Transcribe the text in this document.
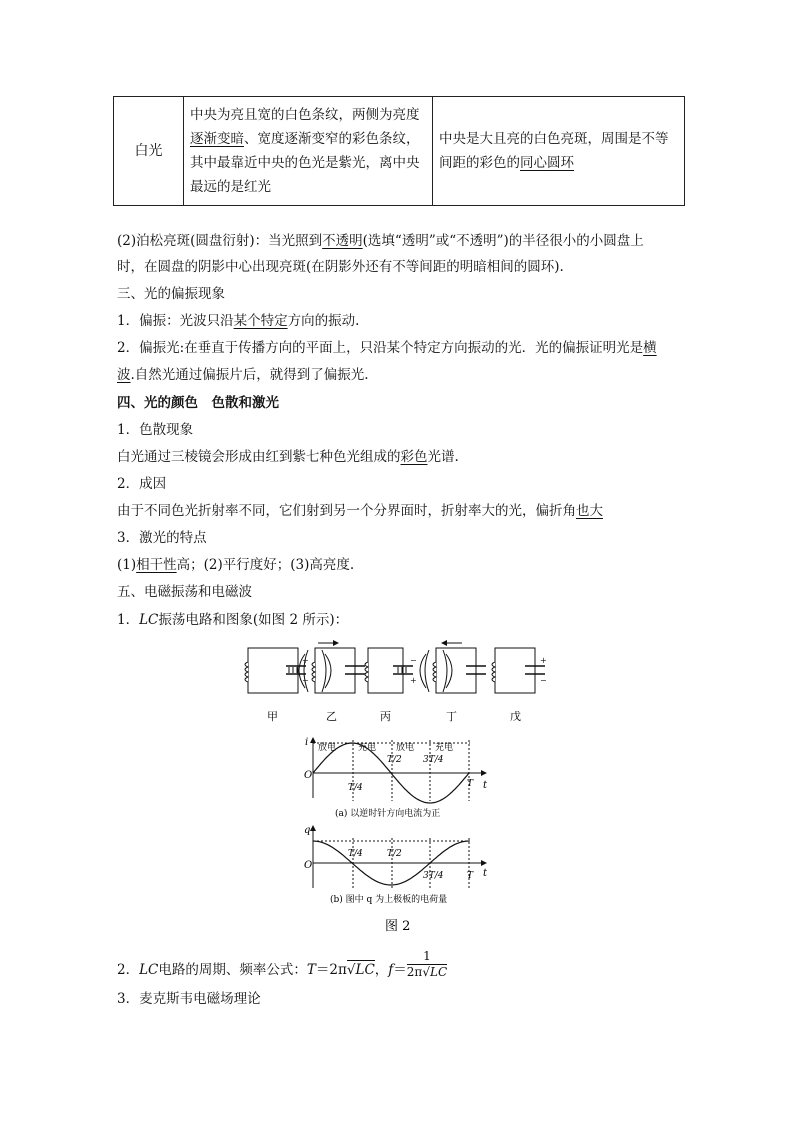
白光	中央为亮且宽的白色条纹，两侧为亮度
逐渐变暗、宽度逐渐变窄的彩色条纹，
其中最靠近中央的色光是紫光，离中央
最远的是红光	中央是大且亮的白色亮斑，周围是不等
间距的彩色的同心圆环
(2)泊松亮斑(圆盘衍射)：当光照到不透明(选填“透明”或“不透明”)的半径很小的小圆盘上
时，在圆盘的阴影中心出现亮斑(在阴影外还有不等间距的明暗相间的圆环).
三、光的偏振现象
1．偏振：光波只沿某个特定方向的振动.
2．偏振光:在垂直于传播方向的平面上，只沿某个特定方向振动的光．光的偏振证明光是横
波.自然光通过偏振片后，就得到了偏振光.
四、光的颜色　色散和激光
1．色散现象
白光通过三棱镜会形成由红到紫七种色光组成的彩色光谱.
2．成因
由于不同色光折射率不同，它们射到另一个分界面时，折射率大的光，偏折角也大
3．激光的特点
(1)相干性高；(2)平行度好；(3)高亮度.
五、电磁振荡和电磁波
1．LC振荡电路和图象(如图 2 所示)：
+
−
−
+
+
−
甲	乙	丙	丁	戊
i
t
O
放电 充电 放电 充电
T/4
T/2 3T/4
T
(a) 以逆时针方向电流为正
q
t
O
T/4	T/2
3T/4	T
(b) 图中 q 为上极板的电荷量
图 2
2．LC电路的周期、频率公式：T＝2π√LC，$f= \frac{1}{2\pi√LC}$
3．麦克斯韦电磁场理论
